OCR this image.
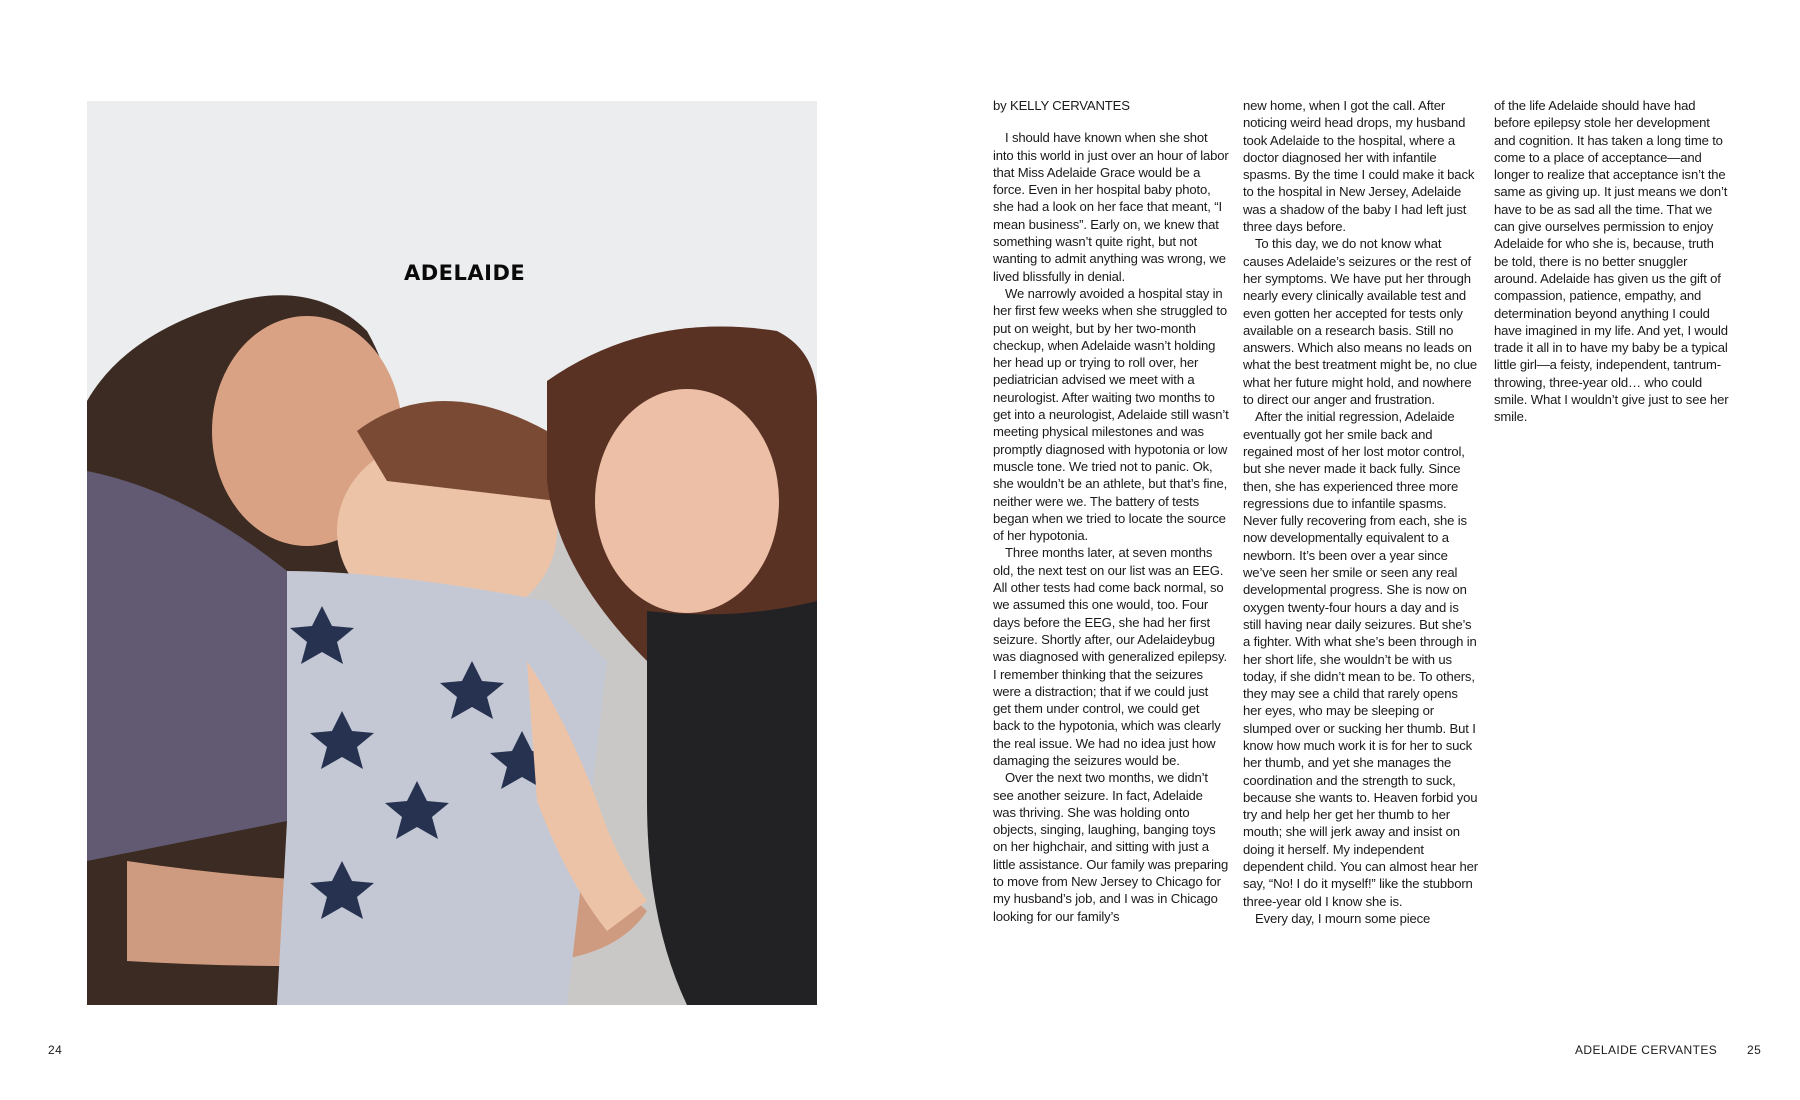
ADELAIDE

by KELLY CERVANTES

I should have known when she shot into this world in just over an hour of labor that Miss Adelaide Grace would be a force. Even in her hospital baby photo, she had a look on her face that meant, “I mean business”. Early on, we knew that something wasn’t quite right, but not wanting to admit anything was wrong, we lived blissfully in denial.

We narrowly avoided a hospital stay in her first few weeks when she struggled to put on weight, but by her two-month checkup, when Adelaide wasn’t holding her head up or trying to roll over, her pediatrician advised we meet with a neurologist. After waiting two months to get into a neurologist, Adelaide still wasn’t meeting physical milestones and was promptly diagnosed with hypotonia or low muscle tone. We tried not to panic. Ok, she wouldn’t be an athlete, but that’s fine, neither were we. The battery of tests began when we tried to locate the source of her hypotonia.

Three months later, at seven months old, the next test on our list was an EEG. All other tests had come back normal, so we assumed this one would, too. Four days before the EEG, she had her first seizure. Shortly after, our Adelaideybug was diagnosed with generalized epilepsy. I remember thinking that the seizures were a distraction; that if we could just get them under control, we could get back to the hypotonia, which was clearly the real issue. We had no idea just how damaging the seizures would be.

Over the next two months, we didn’t see another seizure. In fact, Adelaide was thriving. She was holding onto objects, singing, laughing, banging toys on her highchair, and sitting with just a little assistance. Our family was preparing to move from New Jersey to Chicago for my husband’s job, and I was in Chicago looking for our family’s

new home, when I got the call. After noticing weird head drops, my husband took Adelaide to the hospital, where a doctor diagnosed her with infantile spasms. By the time I could make it back to the hospital in New Jersey, Adelaide was a shadow of the baby I had left just three days before.

To this day, we do not know what causes Adelaide’s seizures or the rest of her symptoms. We have put her through nearly every clinically available test and even gotten her accepted for tests only available on a research basis. Still no answers. Which also means no leads on what the best treatment might be, no clue what her future might hold, and nowhere to direct our anger and frustration.

After the initial regression, Adelaide eventually got her smile back and regained most of her lost motor control, but she never made it back fully. Since then, she has experienced three more regressions due to infantile spasms. Never fully recovering from each, she is now developmentally equivalent to a newborn. It’s been over a year since we’ve seen her smile or seen any real developmental progress. She is now on oxygen twenty-four hours a day and is still having near daily seizures. But she’s a fighter. With what she’s been through in her short life, she wouldn’t be with us today, if she didn’t mean to be. To others, they may see a child that rarely opens her eyes, who may be sleeping or slumped over or sucking her thumb. But I know how much work it is for her to suck her thumb, and yet she manages the coordination and the strength to suck, because she wants to. Heaven forbid you try and help her get her thumb to her mouth; she will jerk away and insist on doing it herself. My independent dependent child. You can almost hear her say, “No! I do it myself!” like the stubborn three-year old I know she is.

Every day, I mourn some piece

of the life Adelaide should have had before epilepsy stole her development and cognition. It has taken a long time to come to a place of acceptance—and longer to realize that acceptance isn’t the same as giving up. It just means we don’t have to be as sad all the time. That we can give ourselves permission to enjoy Adelaide for who she is, because, truth be told, there is no better snuggler around. Adelaide has given us the gift of compassion, patience, empathy, and determination beyond anything I could have imagined in my life. And yet, I would trade it all in to have my baby be a typical little girl—a feisty, independent, tantrum-throwing, three-year old… who could smile. What I wouldn’t give just to see her smile.

24	ADELAIDE CERVANTES 25
